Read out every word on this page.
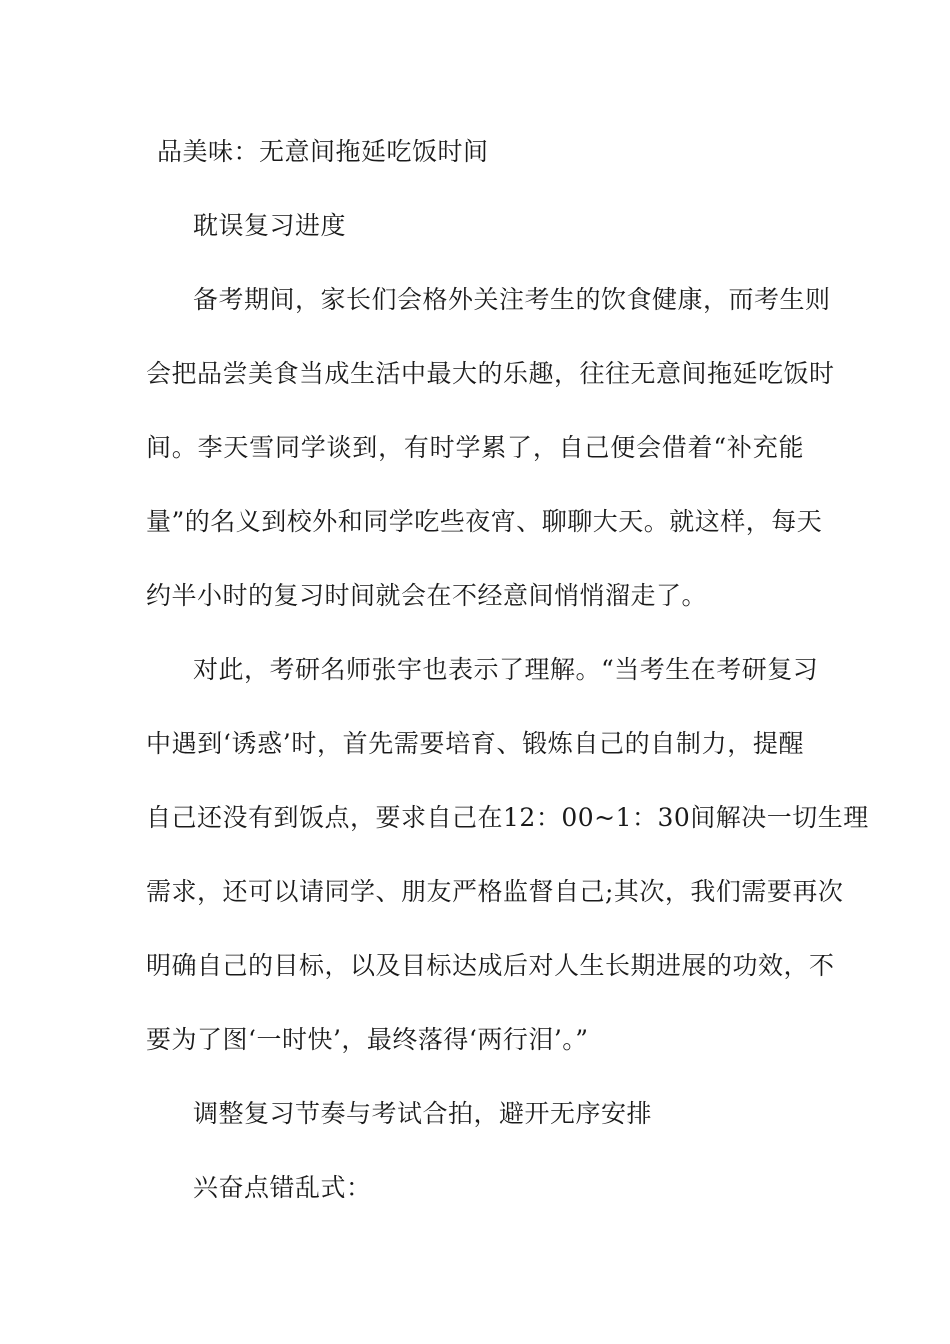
品美味：无意间拖延吃饭时间
耽误复习进度
备考期间，家长们会格外关注考生的饮食健康，而考生则
会把品尝美食当成生活中最大的乐趣，往往无意间拖延吃饭时
间。李天雪同学谈到，有时学累了，自己便会借着“补充能
量”的名义到校外和同学吃些夜宵、聊聊大天。就这样，每天
约半小时的复习时间就会在不经意间悄悄溜走了。
对此，考研名师张宇也表示了理解。“当考生在考研复习
中遇到‘诱惑’时，首先需要培育、锻炼自己的自制力，提醒
自己还没有到饭点，要求自己在12：00~1：30间解决一切生理
需求，还可以请同学、朋友严格监督自己;其次，我们需要再次
明确自己的目标，以及目标达成后对人生长期进展的功效，不
要为了图‘一时快’，最终落得‘两行泪’。”
调整复习节奏与考试合拍，避开无序安排
兴奋点错乱式：
